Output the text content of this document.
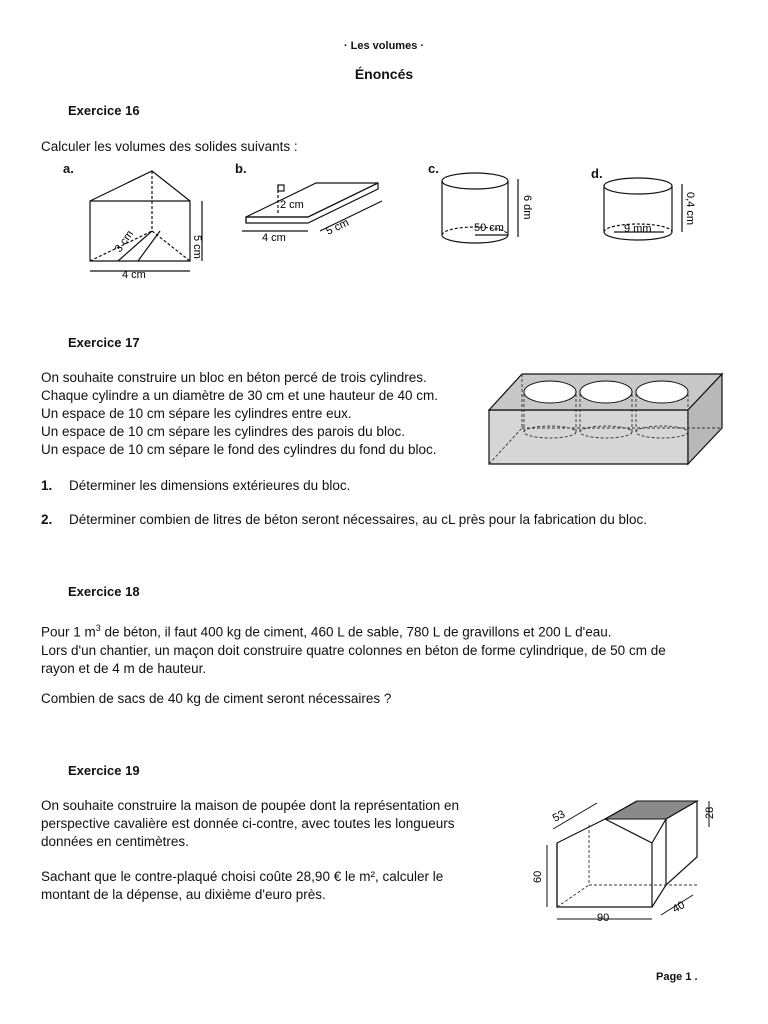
· Les volumes ·
Énoncés
Exercice 16
Calculer les volumes des solides suivants :
a.	b.	c.	d.
5 cm
3 cm
4 cm
2 cm
4 cm
5 cm	50 cm
6 dm
9 mm
0,4 cm
Exercice 17

On souhaite construire un bloc en béton percé de trois cylindres.

Chaque cylindre a un diamètre de 30 cm et une hauteur de 40 cm.

Un espace de 10 cm sépare les cylindres entre eux.

Un espace de 10 cm sépare les cylindres des parois du bloc.

Un espace de 10 cm sépare le fond des cylindres du fond du bloc.

1. Déterminer les dimensions extérieures du bloc.
2. Déterminer combien de litres de béton seront nécessaires, au cL près pour la fabrication du bloc.
Exercice 18

Pour 1 $m^3$ de béton, il faut 400 kg de ciment, 460 L de sable, 780 L de gravillons et 200 L d'eau.

Lors d'un chantier, un maçon doit construire quatre colonnes en béton de forme cylindrique, de 50 cm de

rayon et de 4 m de hauteur.

Combien de sacs de 40 kg de ciment seront nécessaires ?
Exercice 19

On souhaite construire la maison de poupée dont la représentation en

perspective cavalière est donnée ci-contre, avec toutes les longueurs

données en centimètres.

Sachant que le contre-plaqué choisi coûte 28,90 € le m², calculer le

montant de la dépense, au dixième d'euro près.

60
90
40
53	28
Page 1 .
